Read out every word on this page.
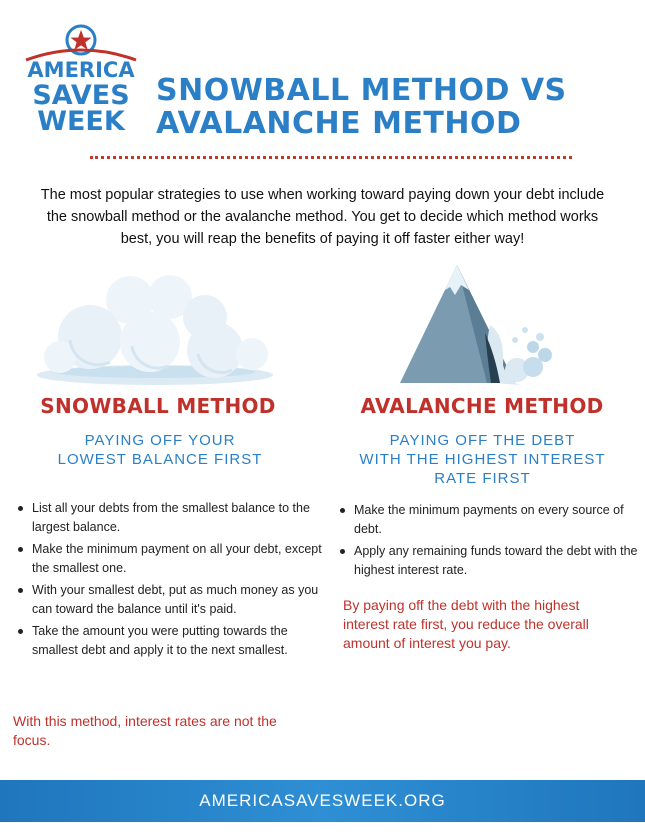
AMERICA
SAVES
WEEK
SNOWBALL METHOD VS
AVALANCHE METHOD
The most popular strategies to use when working toward paying down your debt include the snowball method or the avalanche method. You get to decide which method works best, you will reap the benefits of paying it off faster either way!
SNOWBALL METHOD
PAYING OFF YOUR
LOWEST BALANCE FIRST
List all your debts from the smallest balance to the largest balance.
Make the minimum payment on all your debt, except the smallest one.
With your smallest debt, put as much money as you can toward the balance until it's paid.
Take the amount you were putting towards the smallest debt and apply it to the next smallest.
With this method, interest rates are not the focus.
AVALANCHE METHOD
PAYING OFF THE DEBT
WITH THE HIGHEST INTEREST
RATE FIRST
Make the minimum payments on every source of debt.
Apply any remaining funds toward the debt with the highest interest rate.
By paying off the debt with the highest interest rate first, you reduce the overall amount of interest you pay.
AMERICASAVESWEEK.ORG
